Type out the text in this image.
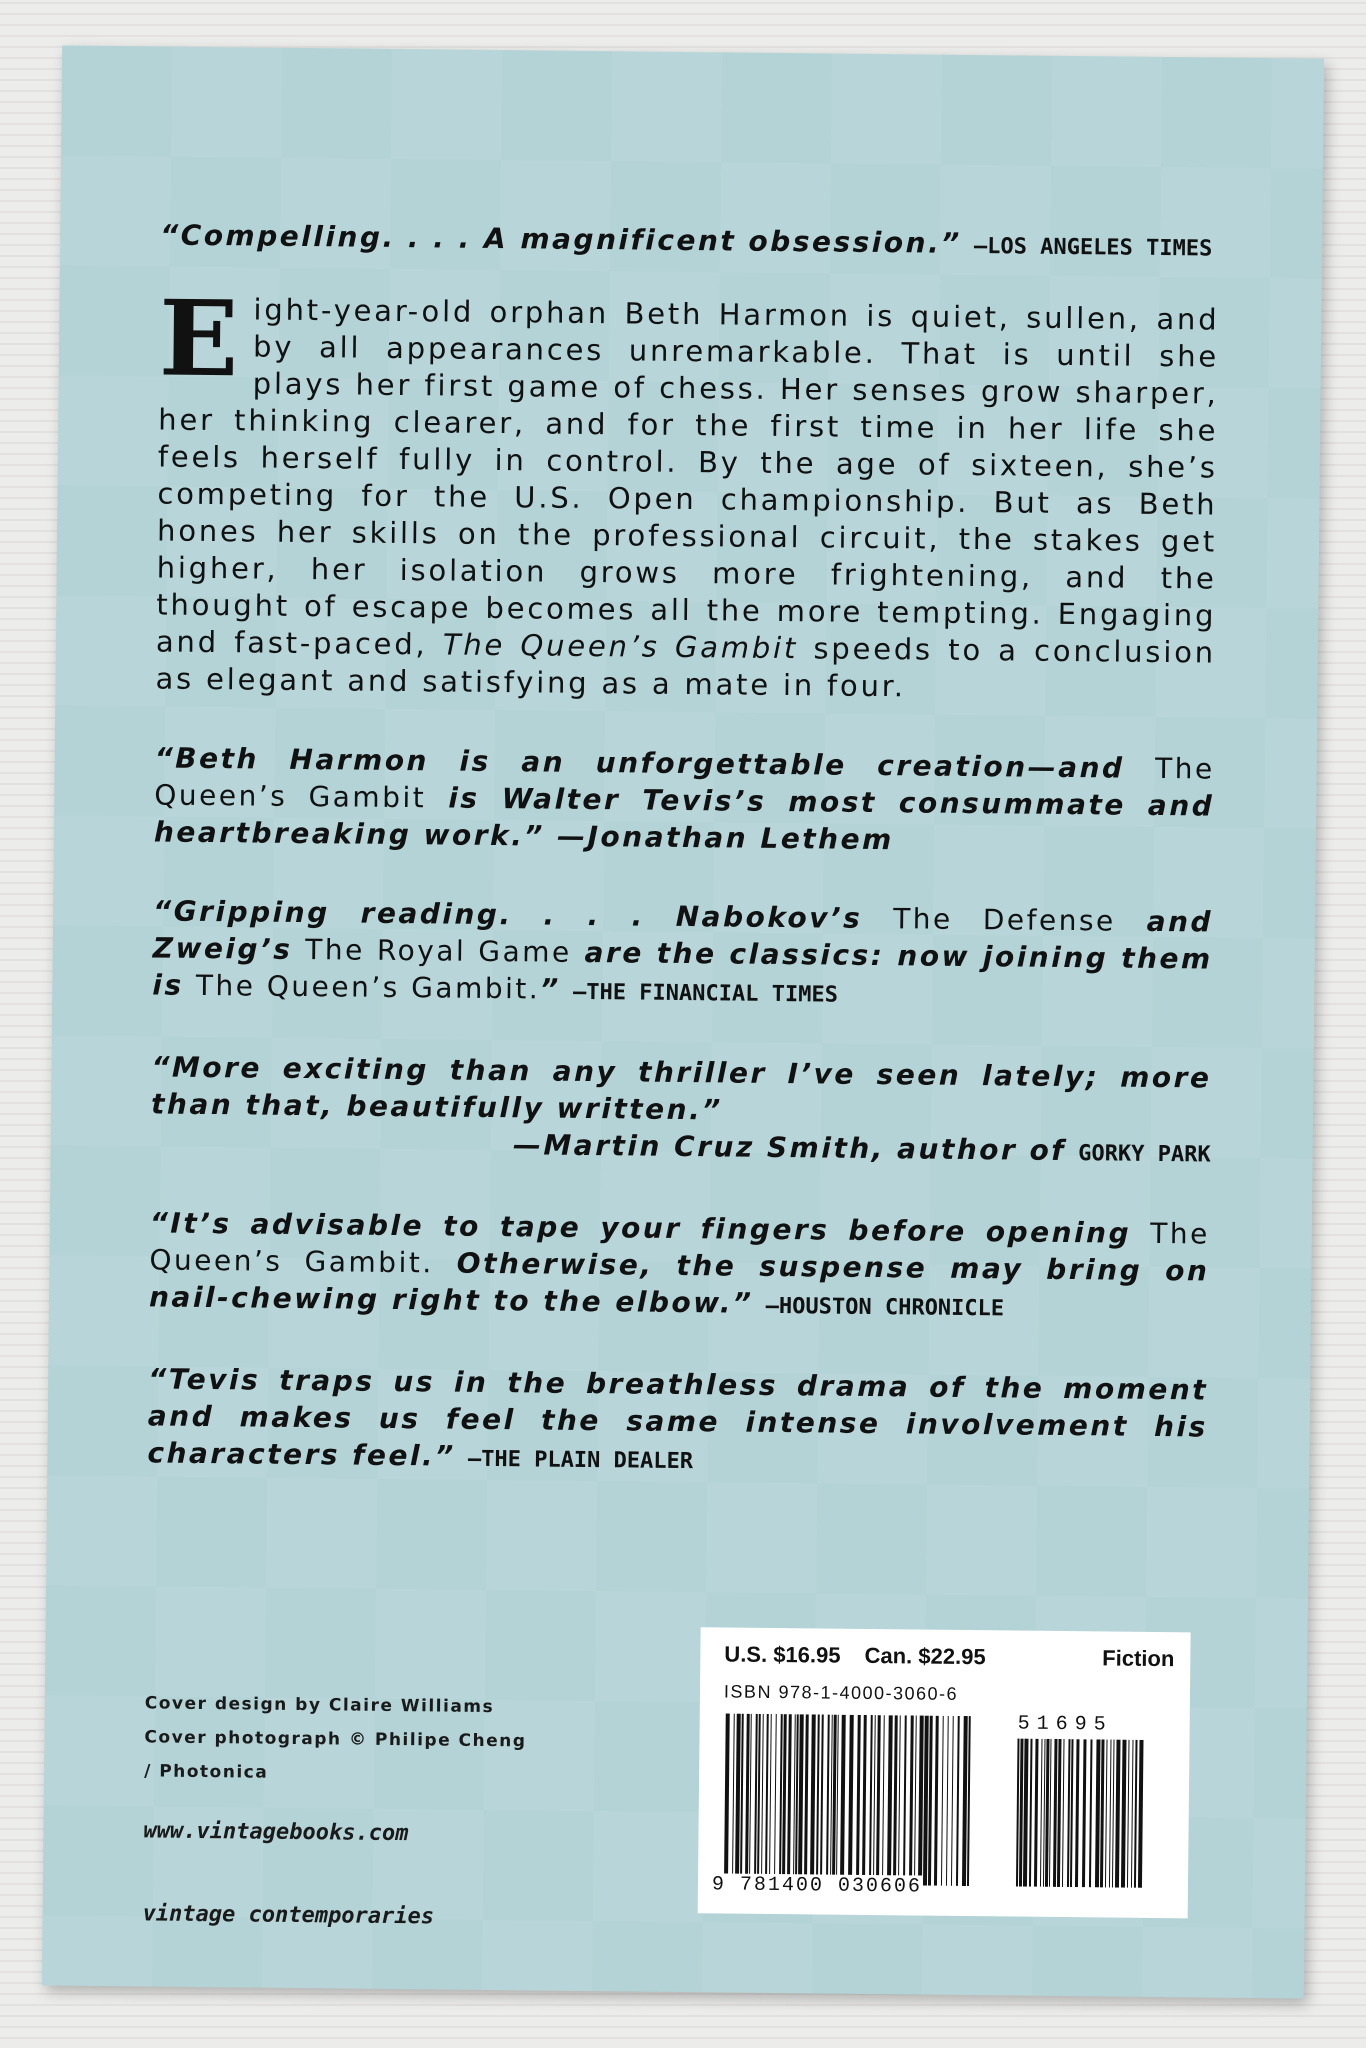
“Compelling. . . . A magnificent obsession.” —LOS ANGELES TIMES

Eight-year-old orphan Beth Harmon is quiet, sullen, and by all appearances unremarkable. That is until she plays her first game of chess. Her senses grow sharper, her thinking clearer, and for the first time in her life she feels herself fully in control. By the age of sixteen, she’s competing for the U.S. Open championship. But as Beth hones her skills on the professional circuit, the stakes get higher, her isolation grows more frightening, and the thought of escape becomes all the more tempting. Engaging and fast-paced, The Queen’s Gambit speeds to a conclusion as elegant and satisfying as a mate in four.

“Beth Harmon is an unforgettable creation—and The Queen’s Gambit is Walter Tevis’s most consummate and heartbreaking work.” —Jonathan Lethem

“Gripping reading. . . . Nabokov’s The Defense and Zweig’s The Royal Game are the classics: now joining them is The Queen’s Gambit.” —THE FINANCIAL TIMES

“More exciting than any thriller I’ve seen lately; more than that, beautifully written.”

—Martin Cruz Smith, author of GORKY PARK

“It’s advisable to tape your fingers before opening The Queen’s Gambit. Otherwise, the suspense may bring on nail-chewing right to the elbow.” —HOUSTON CHRONICLE

“Tevis traps us in the breathless drama of the moment and makes us feel the same intense involvement his characters feel.” —THE PLAIN DEALER

Cover design by Claire Williams
Cover photograph © Philipe Cheng
/ Photonica
www.vintagebooks.com
vintage contemporaries
U.S. $16.95 Can. $22.95	Fiction
ISBN 978-1-4000-3060-6
51695
9 781400 030606
